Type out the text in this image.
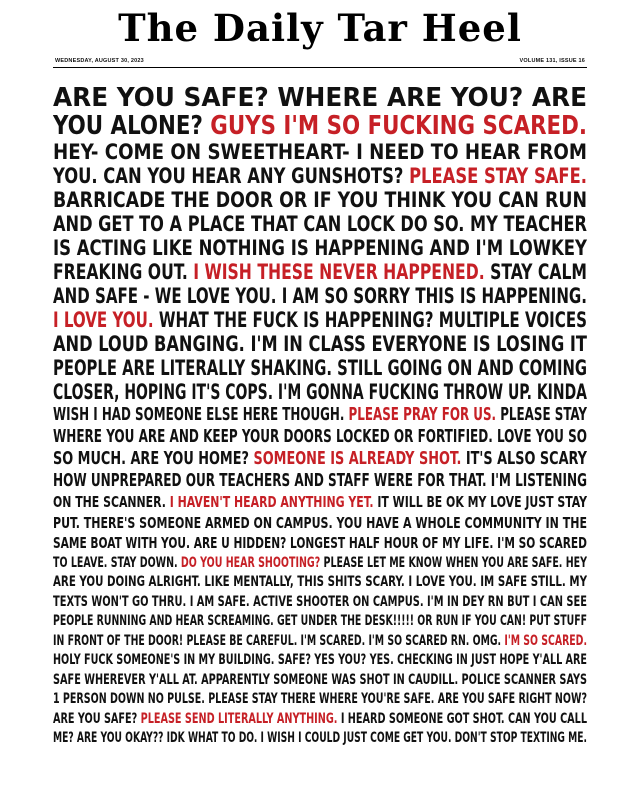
The Daily Tar Heel
WEDNESDAY, AUGUST 30, 2023	VOLUME 131, ISSUE 16
ARE YOU SAFE? WHERE ARE YOU? ARE
YOU ALONE? GUYS I'M SO FUCKING SCARED.
HEY- COME ON SWEETHEART- I NEED TO HEAR FROM
YOU. CAN YOU HEAR ANY GUNSHOTS? PLEASE STAY SAFE.
BARRICADE THE DOOR OR IF YOU THINK YOU CAN RUN
AND GET TO A PLACE THAT CAN LOCK DO SO. MY TEACHER
IS ACTING LIKE NOTHING IS HAPPENING AND I'M LOWKEY
FREAKING OUT. I WISH THESE NEVER HAPPENED. STAY CALM
AND SAFE - WE LOVE YOU. I AM SO SORRY THIS IS HAPPENING.
I LOVE YOU. WHAT THE FUCK IS HAPPENING? MULTIPLE VOICES
AND LOUD BANGING. I'M IN CLASS EVERYONE IS LOSING IT
PEOPLE ARE LITERALLY SHAKING. STILL GOING ON AND COMING
CLOSER, HOPING IT'S COPS. I'M GONNA FUCKING THROW UP. KINDA
WISH I HAD SOMEONE ELSE HERE THOUGH. PLEASE PRAY FOR US. PLEASE STAY
WHERE YOU ARE AND KEEP YOUR DOORS LOCKED OR FORTIFIED. LOVE YOU SO
SO MUCH. ARE YOU HOME? SOMEONE IS ALREADY SHOT. IT'S ALSO SCARY
HOW UNPREPARED OUR TEACHERS AND STAFF WERE FOR THAT. I'M LISTENING
ON THE SCANNER. I HAVEN'T HEARD ANYTHING YET. IT WILL BE OK MY LOVE JUST STAY
PUT. THERE'S SOMEONE ARMED ON CAMPUS. YOU HAVE A WHOLE COMMUNITY IN THE
SAME BOAT WITH YOU. ARE U HIDDEN? LONGEST HALF HOUR OF MY LIFE. I'M SO SCARED
TO LEAVE. STAY DOWN. DO YOU HEAR SHOOTING? PLEASE LET ME KNOW WHEN YOU ARE SAFE. HEY
ARE YOU DOING ALRIGHT. LIKE MENTALLY, THIS SHITS SCARY. I LOVE YOU. IM SAFE STILL. MY
TEXTS WON'T GO THRU. I AM SAFE. ACTIVE SHOOTER ON CAMPUS. I'M IN DEY RN BUT I CAN SEE
PEOPLE RUNNING AND HEAR SCREAMING. GET UNDER THE DESK!!!!! OR RUN IF YOU CAN! PUT STUFF
IN FRONT OF THE DOOR! PLEASE BE CAREFUL. I'M SCARED. I'M SO SCARED RN. OMG. I'M SO SCARED.
HOLY FUCK SOMEONE'S IN MY BUILDING. SAFE? YES YOU? YES. CHECKING IN JUST HOPE Y'ALL ARE
SAFE WHEREVER Y'ALL AT. APPARENTLY SOMEONE WAS SHOT IN CAUDILL. POLICE SCANNER SAYS
1 PERSON DOWN NO PULSE. PLEASE STAY THERE WHERE YOU'RE SAFE. ARE YOU SAFE RIGHT NOW?
ARE YOU SAFE? PLEASE SEND LITERALLY ANYTHING. I HEARD SOMEONE GOT SHOT. CAN YOU CALL
ME? ARE YOU OKAY?? IDK WHAT TO DO. I WISH I COULD JUST COME GET YOU. DON'T STOP TEXTING ME.
